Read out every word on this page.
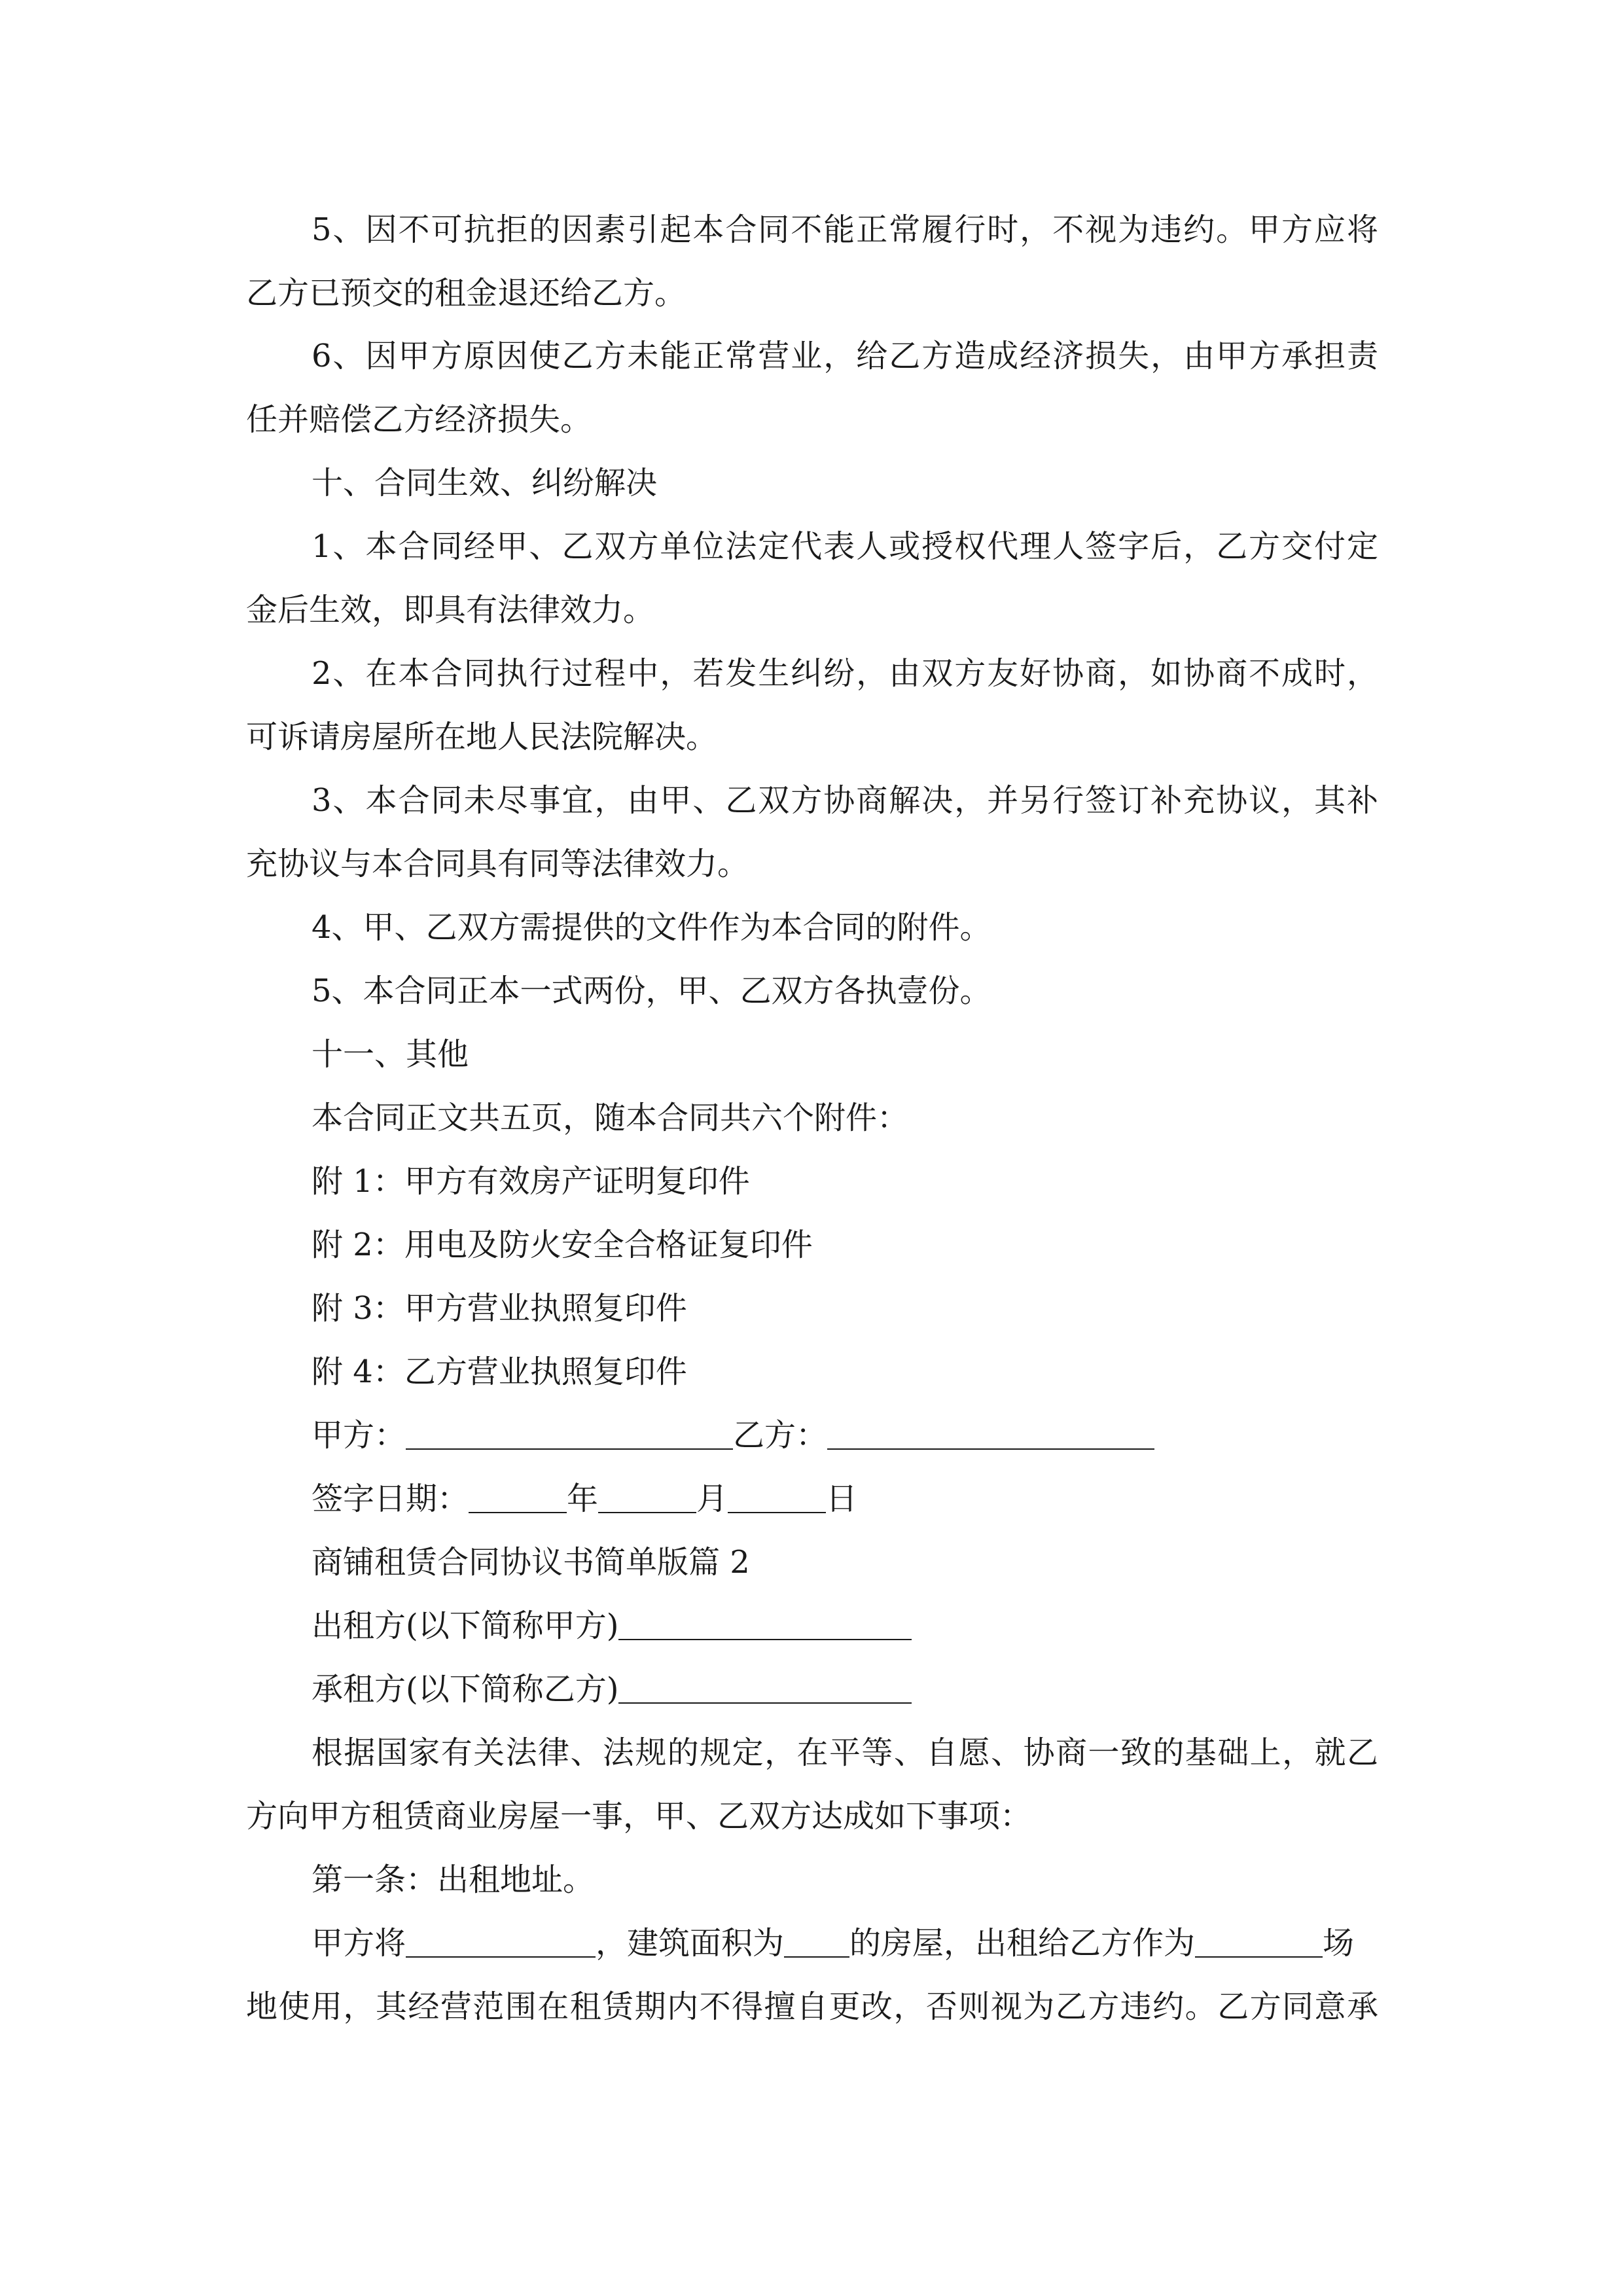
5、因不可抗拒的因素引起本合同不能正常履行时，不视为违约。甲方应将
乙方已预交的租金退还给乙方。
6、因甲方原因使乙方未能正常营业，给乙方造成经济损失，由甲方承担责
任并赔偿乙方经济损失。
十、合同生效、纠纷解决
1、本合同经甲、乙双方单位法定代表人或授权代理人签字后，乙方交付定
金后生效，即具有法律效力。
2、在本合同执行过程中，若发生纠纷，由双方友好协商，如协商不成时，
可诉请房屋所在地人民法院解决。
3、本合同未尽事宜，由甲、乙双方协商解决，并另行签订补充协议，其补
充协议与本合同具有同等法律效力。
4、甲、乙双方需提供的文件作为本合同的附件。
5、本合同正本一式两份，甲、乙双方各执壹份。
十一、其他
本合同正文共五页，随本合同共六个附件：
附 1：甲方有效房产证明复印件
附 2：用电及防火安全合格证复印件
附 3：甲方营业执照复印件
附 4：乙方营业执照复印件
甲方：	乙方：
签字日期：	年	月	日
商铺租赁合同协议书简单版篇 2
出租方(以下简称甲方)
承租方(以下简称乙方)
根据国家有关法律、法规的规定，在平等、自愿、协商一致的基础上，就乙
方向甲方租赁商业房屋一事，甲、乙双方达成如下事项：
第一条：出租地址。
甲方将	，建筑面积为 的房屋，出租给乙方作为	场
地使用，其经营范围在租赁期内不得擅自更改，否则视为乙方违约。乙方同意承
